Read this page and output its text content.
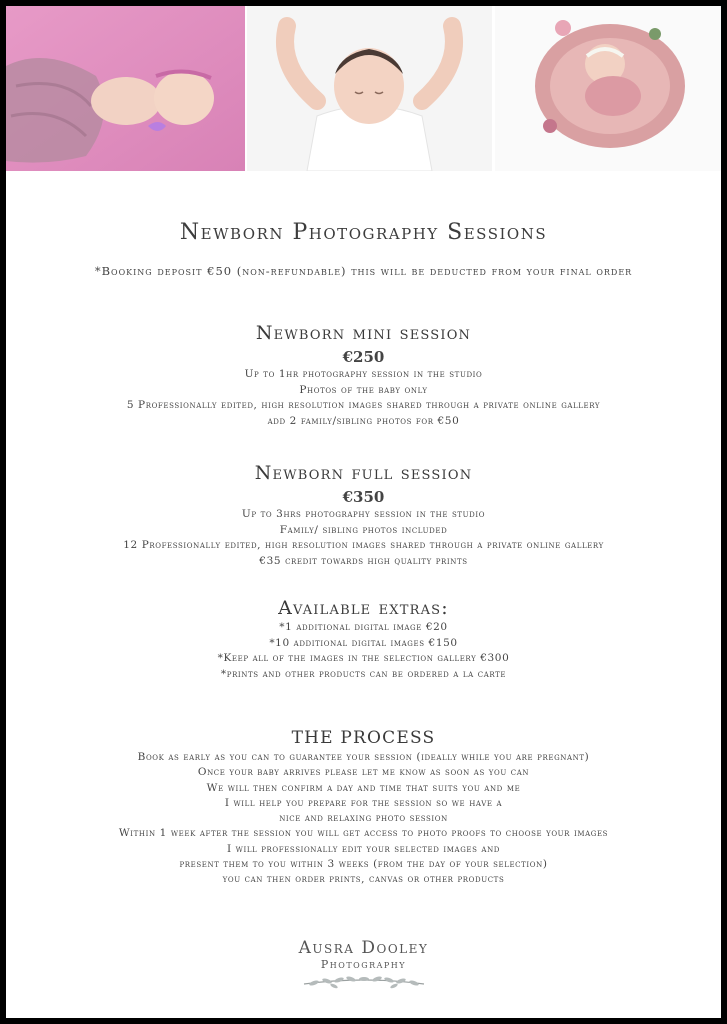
Newborn Photography Sessions
*Booking deposit €50 (non-refundable) this will be deducted from your final order
Newborn mini session
€250
Up to 1hr photography session in the studio
Photos of the baby only
5 Professionally edited, high resolution images shared through a private online gallery
add 2 family/sibling photos for €50
Newborn full session
€350
Up to 3hrs photography session in the studio
Family/ sibling photos included
12 Professionally edited, high resolution images shared through a private online gallery
€35 credit towards high quality prints
Available extras:
*1 additional digital image €20
*10 additional digital images €150
*Keep all of the images in the selection gallery €300
*prints and other products can be ordered a la carte
THE PROCESS
Book as early as you can to guarantee your session (ideally while you are pregnant)
Once your baby arrives please let me know as soon as you can
We will then confirm a day and time that suits you and me
I will help you prepare for the session so we have a
nice and relaxing photo session
Within 1 week after the session you will get access to photo proofs to choose your images
I will professionally edit your selected images and
present them to you within 3 weeks (from the day of your selection)
you can then order prints, canvas or other products
Ausra Dooley
Photography
